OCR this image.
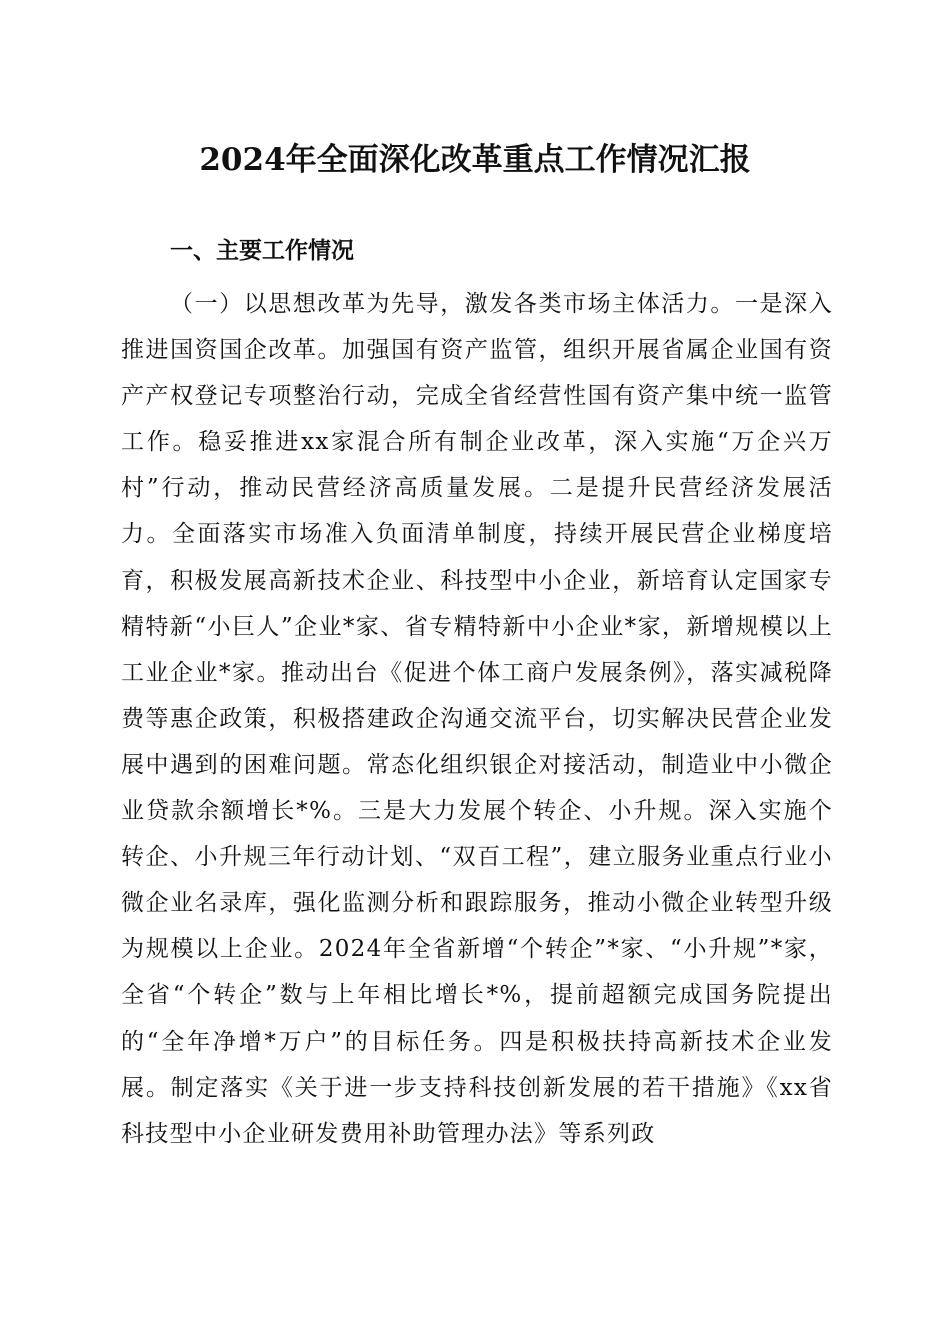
2024年全面深化改革重点工作情况汇报
一、主要工作情况

（一）以思想改革为先导，激发各类市场主体活力。一是深入推进国资国企改革。加强国有资产监管，组织开展省属企业国有资产产权登记专项整治行动，完成全省经营性国有资产集中统一监管工作。稳妥推进xx家混合所有制企业改革，深入实施“万企兴万村”行动，推动民营经济高质量发展。二是提升民营经济发展活力。全面落实市场准入负面清单制度，持续开展民营企业梯度培育，积极发展高新技术企业、科技型中小企业，新培育认定国家专精特新“小巨人”企业*家、省专精特新中小企业*家，新增规模以上工业企业*家。推动出台《促进个体工商户发展条例》，落实减税降费等惠企政策，积极搭建政企沟通交流平台，切实解决民营企业发展中遇到的困难问题。常态化组织银企对接活动，制造业中小微企业贷款余额增长*%。三是大力发展个转企、小升规。深入实施个转企、小升规三年行动计划、“双百工程”，建立服务业重点行业小微企业名录库，强化监测分析和跟踪服务，推动小微企业转型升级为规模以上企业。2024年全省新增“个转企”*家、“小升规”*家，全省“个转企”数与上年相比增长*%，提前超额完成国务院提出的“全年净增*万户”的目标任务。四是积极扶持高新技术企业发展。制定落实《关于进一步支持科技创新发展的若干措施》《xx省科技型中小企业研发费用补助管理办法》等系列政
